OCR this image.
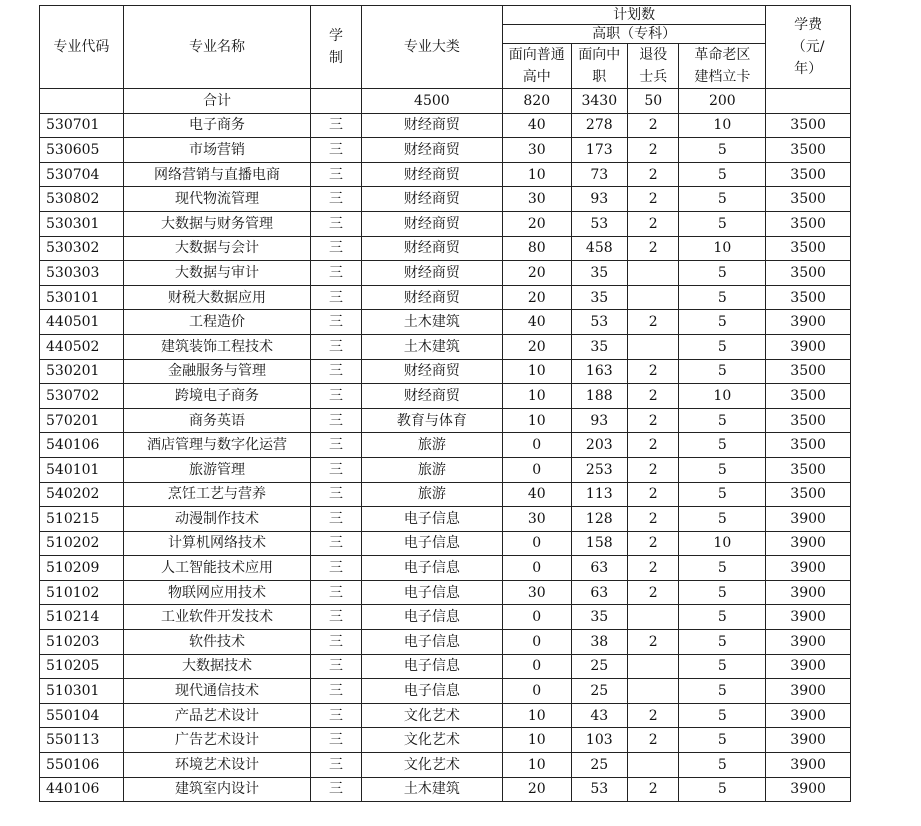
专业代码	专业名称	学制	专业大类	计划数				学费（元/年）
				高职（专科）				
				面向普通高中	面向中职	退役士兵	革命老区建档立卡	
	合计		4500	820	3430	50	200	
530701	电子商务	三	财经商贸	40	278	2	10	3500
530605	市场营销	三	财经商贸	30	173	2	5	3500
530704	网络营销与直播电商	三	财经商贸	10	73	2	5	3500
530802	现代物流管理	三	财经商贸	30	93	2	5	3500
530301	大数据与财务管理	三	财经商贸	20	53	2	5	3500
530302	大数据与会计	三	财经商贸	80	458	2	10	3500
530303	大数据与审计	三	财经商贸	20	35		5	3500
530101	财税大数据应用	三	财经商贸	20	35		5	3500
440501	工程造价	三	土木建筑	40	53	2	5	3900
440502	建筑装饰工程技术	三	土木建筑	20	35		5	3900
530201	金融服务与管理	三	财经商贸	10	163	2	5	3500
530702	跨境电子商务	三	财经商贸	10	188	2	10	3500
570201	商务英语	三	教育与体育	10	93	2	5	3500
540106	酒店管理与数字化运营	三	旅游	0	203	2	5	3500
540101	旅游管理	三	旅游	0	253	2	5	3500
540202	烹饪工艺与营养	三	旅游	40	113	2	5	3500
510215	动漫制作技术	三	电子信息	30	128	2	5	3900
510202	计算机网络技术	三	电子信息	0	158	2	10	3900
510209	人工智能技术应用	三	电子信息	0	63	2	5	3900
510102	物联网应用技术	三	电子信息	30	63	2	5	3900
510214	工业软件开发技术	三	电子信息	0	35		5	3900
510203	软件技术	三	电子信息	0	38	2	5	3900
510205	大数据技术	三	电子信息	0	25		5	3900
510301	现代通信技术	三	电子信息	0	25		5	3900
550104	产品艺术设计	三	文化艺术	10	43	2	5	3900
550113	广告艺术设计	三	文化艺术	10	103	2	5	3900
550106	环境艺术设计	三	文化艺术	10	25		5	3900
440106	建筑室内设计	三	土木建筑	20	53	2	5	3900
